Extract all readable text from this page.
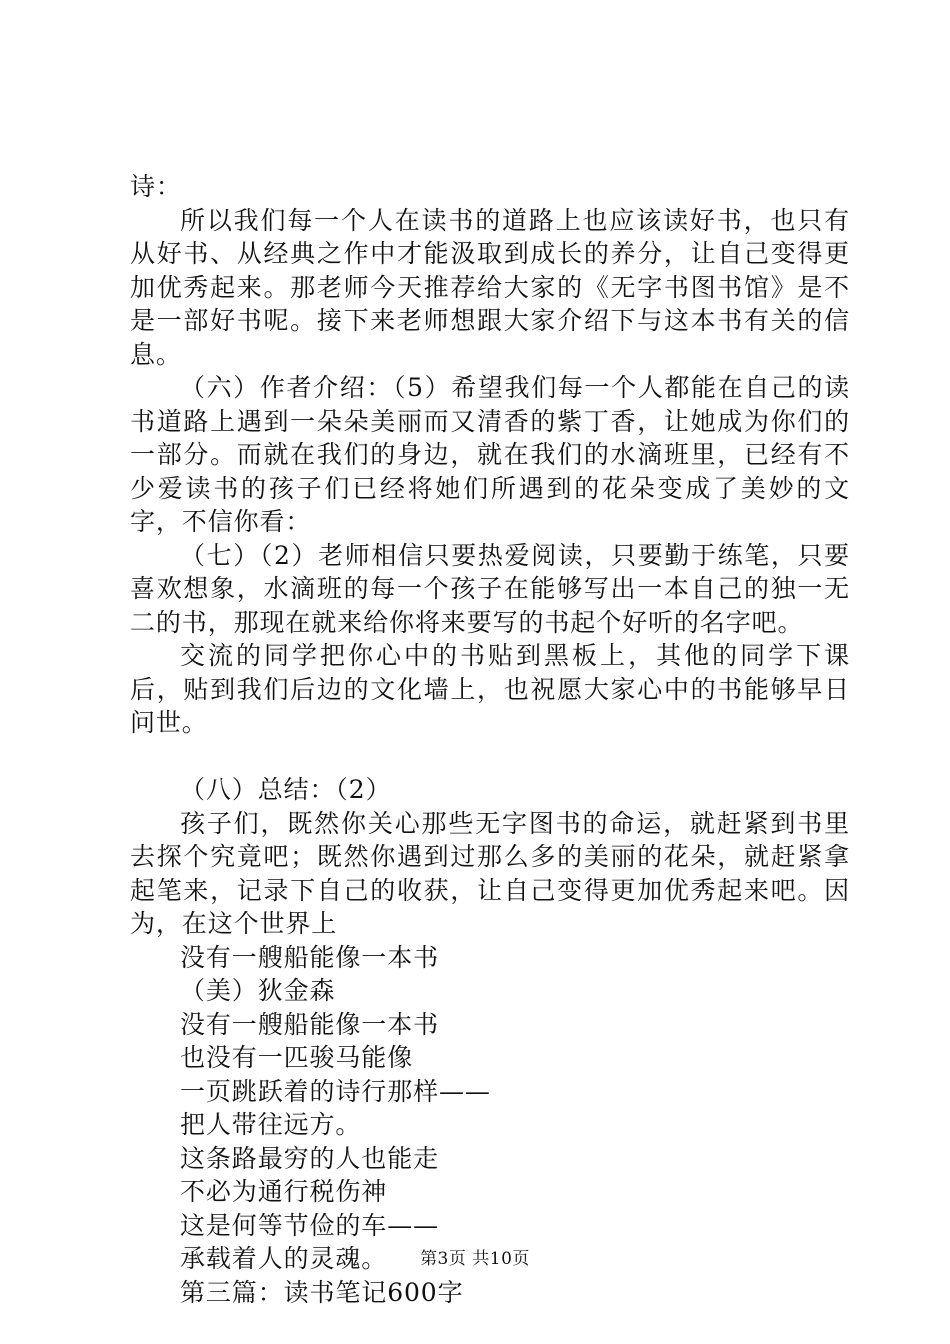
诗：

所以我们每一个人在读书的道路上也应该读好书，也只有从好书、从经典之作中才能汲取到成长的养分，让自己变得更加优秀起来。那老师今天推荐给大家的《无字书图书馆》是不是一部好书呢。接下来老师想跟大家介绍下与这本书有关的信息。

（六）作者介绍：（5）希望我们每一个人都能在自己的读书道路上遇到一朵朵美丽而又清香的紫丁香，让她成为你们的一部分。而就在我们的身边，就在我们的水滴班里，已经有不少爱读书的孩子们已经将她们所遇到的花朵变成了美妙的文字，不信你看：

（七）（2）老师相信只要热爱阅读，只要勤于练笔，只要喜欢想象，水滴班的每一个孩子在能够写出一本自己的独一无二的书，那现在就来给你将来要写的书起个好听的名字吧。

交流的同学把你心中的书贴到黑板上，其他的同学下课后，贴到我们后边的文化墙上，也祝愿大家心中的书能够早日问世。

（八）总结：（2）

孩子们，既然你关心那些无字图书的命运，就赶紧到书里去探个究竟吧；既然你遇到过那么多的美丽的花朵，就赶紧拿起笔来，记录下自己的收获，让自己变得更加优秀起来吧。因为，在这个世界上

没有一艘船能像一本书

（美）狄金森

没有一艘船能像一本书

也没有一匹骏马能像

一页跳跃着的诗行那样——

把人带往远方。

这条路最穷的人也能走

不必为通行税伤神

这是何等节俭的车——

承载着人的灵魂。

第三篇：读书笔记600字

第3页 共10页
